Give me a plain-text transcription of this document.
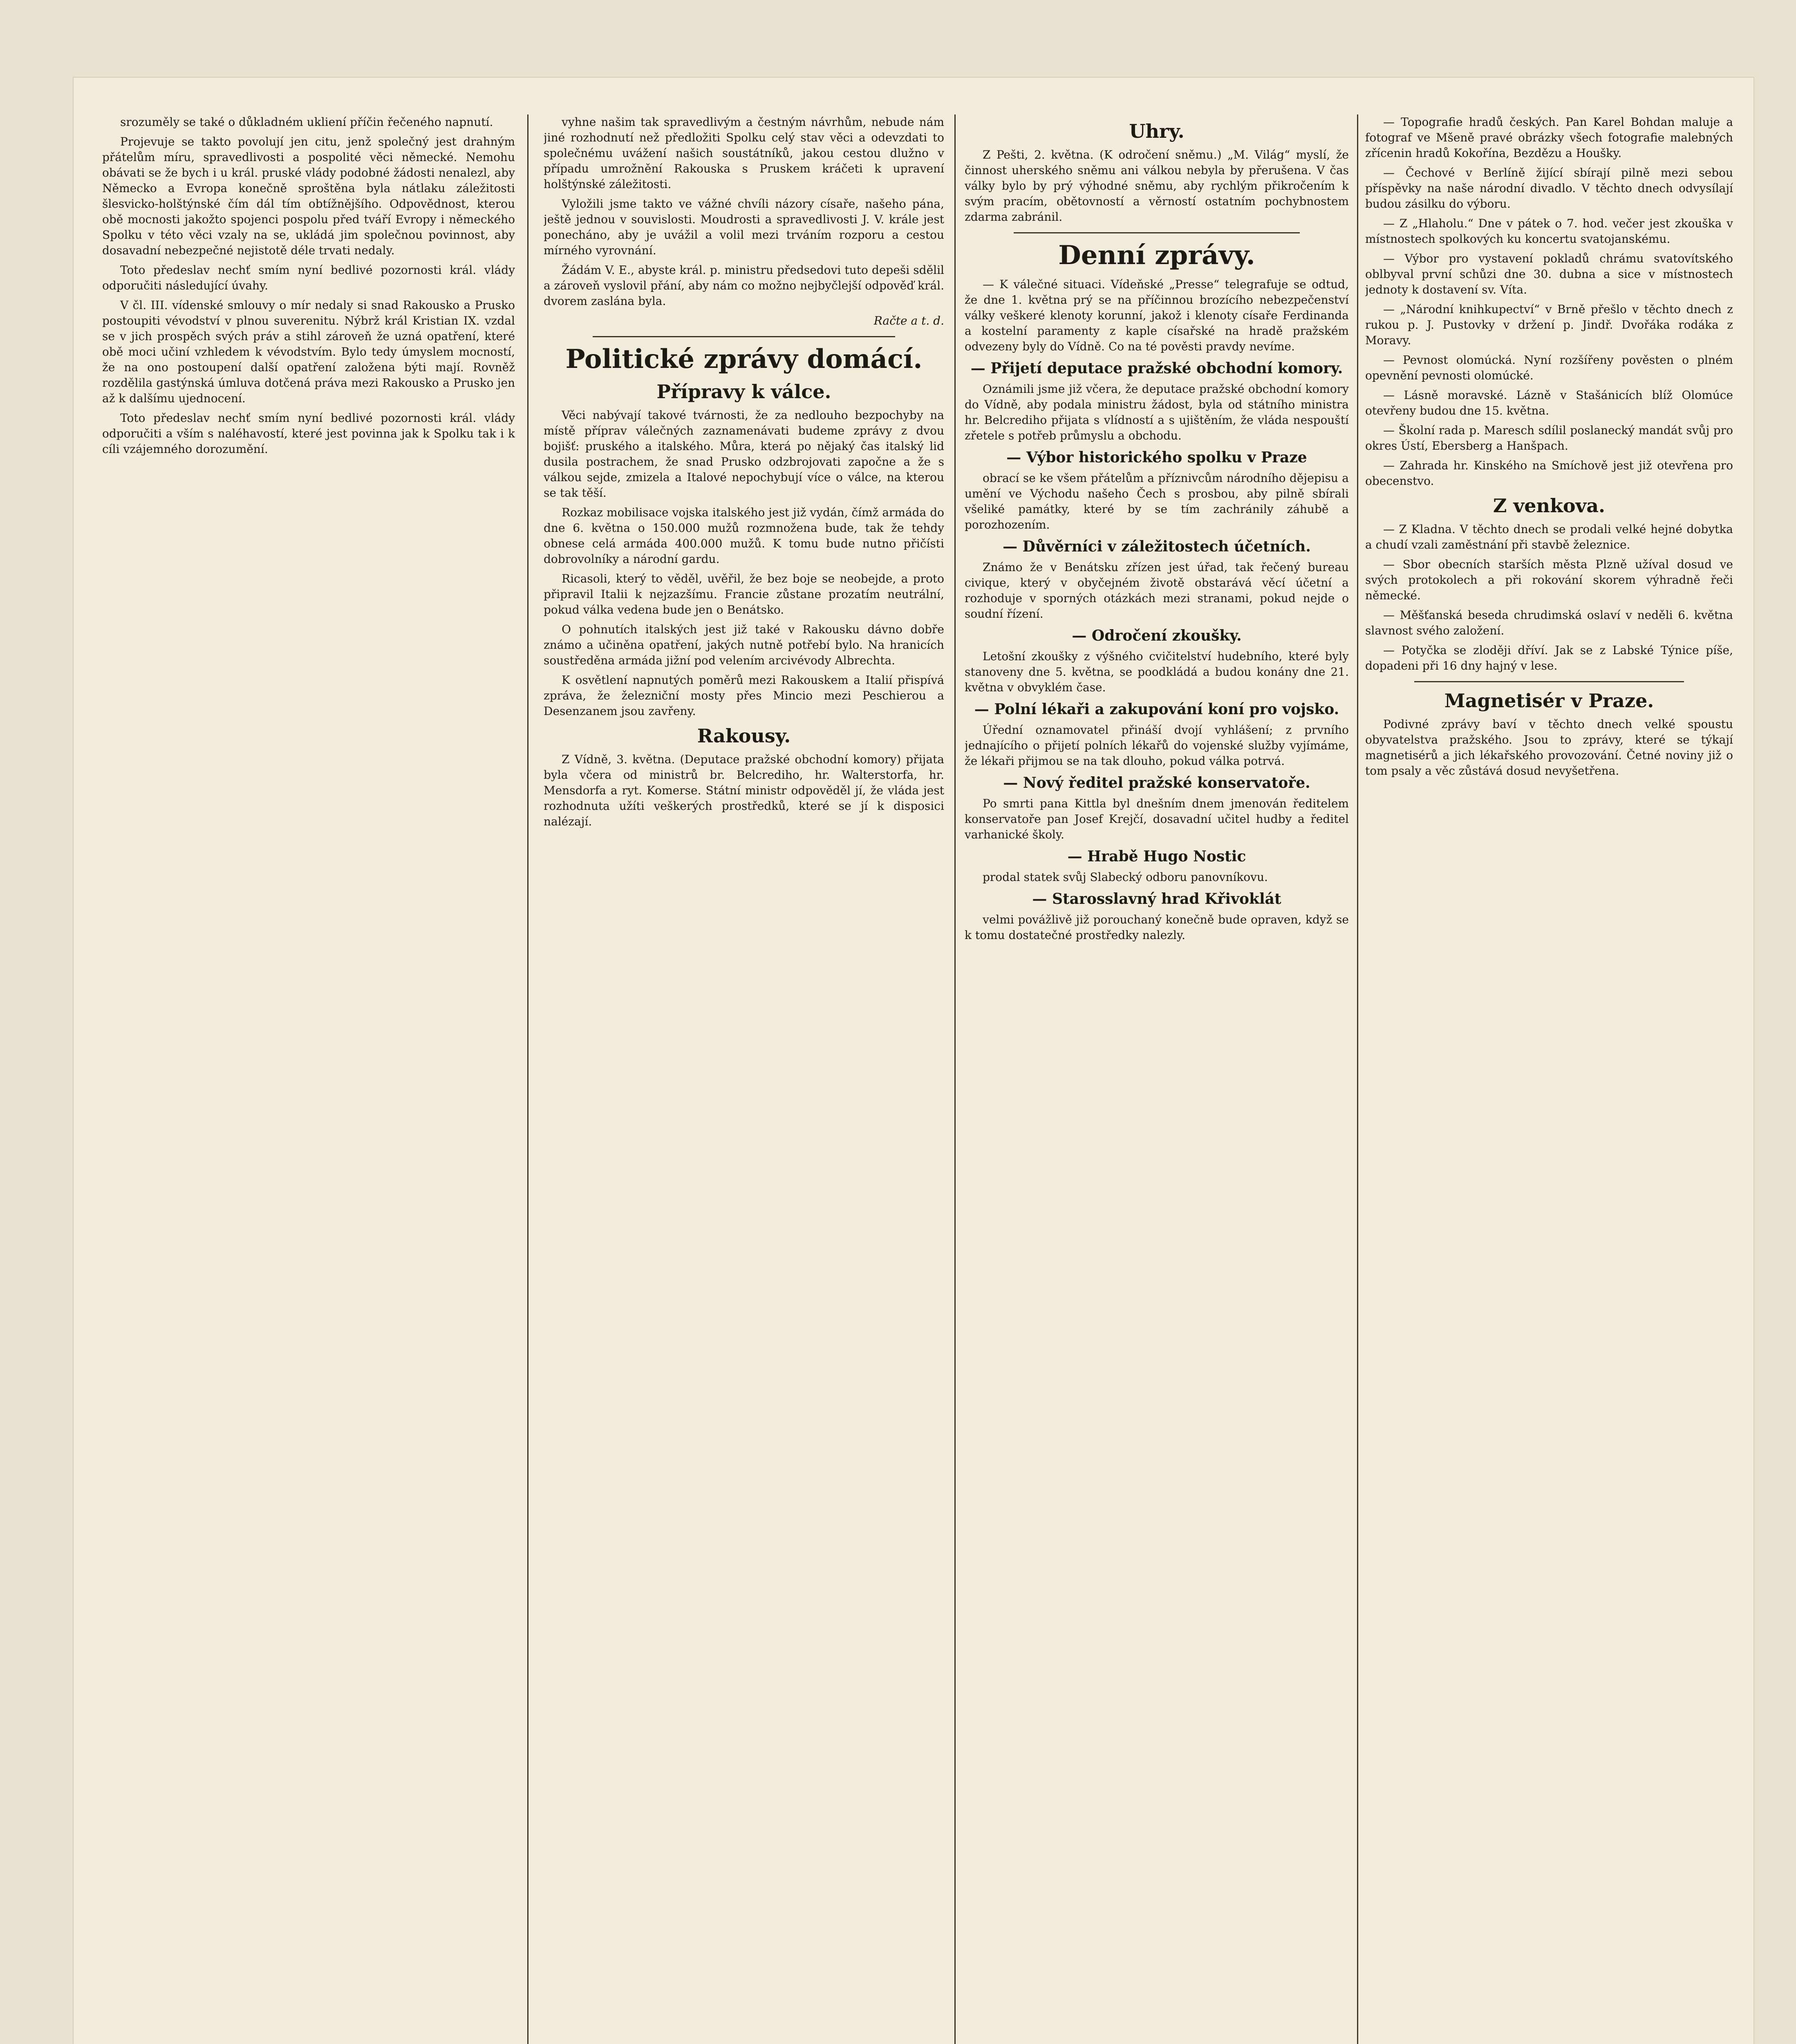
srozuměly se také o důkladném ukliení příčin řečeného napnutí.

Projevuje se takto povolují jen citu, jenž společný jest drahným přátelům míru, spravedlivosti a pospolité věci německé. Nemohu obávati se že bych i u král. pruské vlády podobné žádosti nenalezl, aby Německo a Evropa konečně sproštěna byla nátlaku záležitosti šlesvicko-holštýnské čím dál tím obtížnějšího. Odpovědnost, kterou obě mocnosti jakožto spojenci pospolu před tváří Evropy i německého Spolku v této věci vzaly na se, ukládá jim společnou povinnost, aby dosavadní nebezpečné nejistotě déle trvati nedaly.

Toto předeslav nechť smím nyní bedlivé pozornosti král. vlády odporučiti následující úvahy.

V čl. III. vídenské smlouvy o mír nedaly si snad Rakousko a Prusko postoupiti vévodství v plnou suverenitu. Nýbrž král Kristian IX. vzdal se v jich prospěch svých práv a stihl zároveň že uzná opatření, které obě moci učiní vzhledem k vévodstvím. Bylo tedy úmyslem mocností, že na ono postoupení další opatření založena býti mají. Rovněž rozdělila gastýnská úmluva dotčená práva mezi Rakousko a Prusko jen až k dalšímu ujednocení.

Toto předeslav nechť smím nyní bedlivé pozornosti král. vlády odporučiti a vším s naléhavostí, které jest povinna jak k Spolku tak i k cíli vzájemného dorozumění.

vyhne našim tak spravedlivým a čestným návrhům, nebude nám jiné rozhodnutí než předložiti Spolku celý stav věci a odevzdati to společnému uvážení našich soustátníků, jakou cestou dlužno v případu umrožnění Rakouska s Pruskem kráčeti k upravení holštýnské záležitosti.

Vyložili jsme takto ve vážné chvíli názory císaře, našeho pána, ještě jednou v souvislosti. Moudrosti a spravedlivosti J. V. krále jest ponecháno, aby je uvážil a volil mezi trváním rozporu a cestou mírného vyrovnání.

Žádám V. E., abyste král. p. ministru předsedovi tuto depeši sdělil a zároveň vyslovil přání, aby nám co možno nejbyčlejší odpověď král. dvorem zaslána byla.

Račte a t. d.

Politické zprávy domácí.
Přípravy k válce.

Věci nabývají takové tvárnosti, že za nedlouho bezpochyby na místě příprav válečných zaznamenávati budeme zprávy z dvou bojišť: pruského a italského. Můra, která po nějaký čas italský lid dusila postrachem, že snad Prusko odzbrojovati započne a že s válkou sejde, zmizela a Italové nepochybují více o válce, na kterou se tak těší.

Rozkaz mobilisace vojska italského jest již vydán, čímž armáda do dne 6. května o 150.000 mužů rozmnožena bude, tak že tehdy obnese celá armáda 400.000 mužů. K tomu bude nutno přičísti dobrovolníky a národní gardu.

Ricasoli, který to věděl, uvěřil, že bez boje se neobejde, a proto připravil Italii k nejzazšímu. Francie zůstane prozatím neutrální, pokud válka vedena bude jen o Benátsko.

O pohnutích italských jest již také v Rakousku dávno dobře známo a učiněna opatření, jakých nutně potřebí bylo. Na hranicích soustředěna armáda jižní pod velením arcivévody Albrechta.

K osvětlení napnutých poměrů mezi Rakouskem a Italií přispívá zpráva, že železniční mosty přes Mincio mezi Peschierou a Desenzanem jsou zavřeny.

Rakousy.

Z Vídně, 3. května. (Deputace pražské obchodní komory) přijata byla včera od ministrů br. Belcrediho, hr. Walterstorfa, hr. Mensdorfa a ryt. Komerse. Státní ministr odpověděl jí, že vláda jest rozhodnuta užíti veškerých prostředků, které se jí k disposici nalézají.

Uhry.

Z Pešti, 2. května. (K odročení sněmu.) „M. Világ“ myslí, že činnost uherského sněmu ani válkou nebyla by přerušena. V čas války bylo by prý výhodné sněmu, aby rychlým přikročením k svým pracím, obětovností a věrností ostatním pochybnostem zdarma zabránil.

Denní zprávy.

— K válečné situaci. Vídeňské „Presse“ telegrafuje se odtud, že dne 1. května prý se na příčinnou brozícího nebezpečenství války veškeré klenoty korunní, jakož i klenoty císaře Ferdinanda a kostelní paramenty z kaple císařské na hradě pražském odvezeny byly do Vídně. Co na té pověsti pravdy nevíme.

— Přijetí deputace pražské obchodní komory.

Oznámili jsme již včera, že deputace pražské obchodní komory do Vídně, aby podala ministru žádost, byla od státního ministra hr. Belcrediho přijata s vlídností a s ujištěním, že vláda nespouští zřetele s potřeb průmyslu a obchodu.

— Výbor historického spolku v Praze

obrací se ke všem přátelům a příznivcům národního dějepisu a umění ve Východu našeho Čech s prosbou, aby pilně sbírali všeliké památky, které by se tím zachránily záhubě a porozhozením.

— Důvěrníci v záležitostech účetních.

Známo že v Benátsku zřízen jest úřad, tak řečený bureau civique, který v obyčejném životě obstarává věcí účetní a rozhoduje v sporných otázkách mezi stranami, pokud nejde o soudní řízení.

— Odročení zkoušky.

Letošní zkoušky z výšného cvičitelství hudebního, které byly stanoveny dne 5. května, se poodkládá a budou konány dne 21. května v obvyklém čase.

— Polní lékaři a zakupování koní pro vojsko.

Úřední oznamovatel přináší dvojí vyhlášení; z prvního jednajícího o přijetí polních lékařů do vojenské služby vyjímáme, že lékaři přijmou se na tak dlouho, pokud válka potrvá.

— Nový ředitel pražské konservatoře.

Po smrti pana Kittla byl dnešním dnem jmenován ředitelem konservatoře pan Josef Krejčí, dosavadní učitel hudby a ředitel varhanické školy.

— Hrabě Hugo Nostic

prodal statek svůj Slabecký odboru panovníkovu.

— Starosslavný hrad Křivoklát

velmi povážlivě již porouchaný konečně bude opraven, když se k tomu dostatečné prostředky nalezly.

— Topografie hradů českých. Pan Karel Bohdan maluje a fotograf ve Mšeně pravé obrázky všech fotografie malebných zřícenin hradů Kokořína, Bezdězu a Houšky.

— Čechové v Berlíně žijící sbírají pilně mezi sebou příspěvky na naše národní divadlo. V těchto dnech odvysílají budou zásilku do výboru.

— Z „Hlaholu.“ Dne v pátek o 7. hod. večer jest zkouška v místnostech spolkových ku koncertu svatojanskému.

— Výbor pro vystavení pokladů chrámu svatovítského oblbyval první schůzi dne 30. dubna a sice v místnostech jednoty k dostavení sv. Víta.

— „Národní knihkupectví“ v Brně přešlo v těchto dnech z rukou p. J. Pustovky v držení p. Jindř. Dvořáka rodáka z Moravy.

— Pevnost olomúcká. Nyní rozšířeny pověsten o plném opevnění pevnosti olomúcké.

— Lásně moravské. Lázně v Stašánicích blíž Olomúce otevřeny budou dne 15. května.

— Školní rada p. Maresch sdílil poslanecký mandát svůj pro okres Ústí, Ebersberg a Hanšpach.

— Zahrada hr. Kinského na Smíchově jest již otevřena pro obecenstvo.

Z venkova.

— Z Kladna. V těchto dnech se prodali velké hejné dobytka a chudí vzali zaměstnání při stavbě železnice.

— Sbor obecních starších města Plzně užíval dosud ve svých protokolech a při rokování skorem výhradně řeči německé.

— Měšťanská beseda chrudimská oslaví v neděli 6. května slavnost svého založení.

— Potyčka se zloději dříví. Jak se z Labské Týnice píše, dopadeni při 16 dny hajný v lese.

Magnetisér v Praze.

Podivné zprávy baví v těchto dnech velké spoustu obyvatelstva pražského. Jsou to zprávy, které se týkají magnetisérů a jich lékařského provozování. Četné noviny již o tom psaly a věc zůstává dosud nevyšetřena.
